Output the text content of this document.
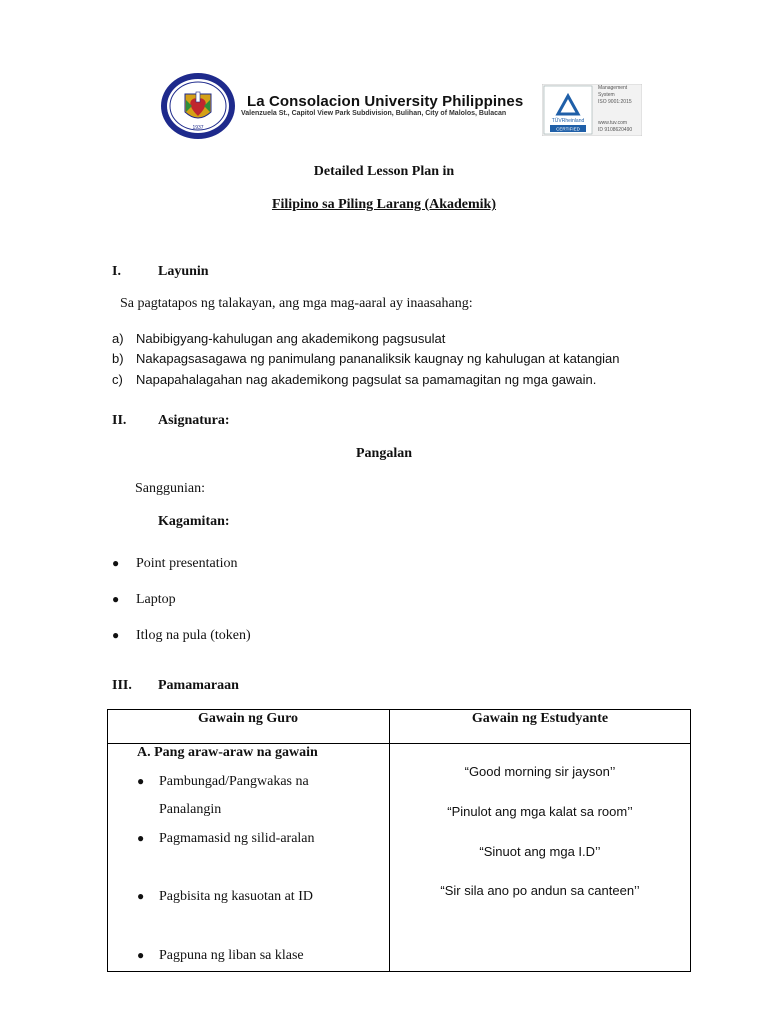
1937
La Consolacion University Philippines
Valenzuela St., Capitol View Park Subdivision, Bulihan, City of Malolos, Bulacan
TÜVRheinland
CERTIFIED
Management
System
ISO 9001:2015

www.tuv.com
ID 9108620490
Detailed Lesson Plan in
Filipino sa Piling Larang (Akademik)
I.	Layunin
Sa pagtatapos ng talakayan, ang mga mag-aaral ay inaasahang:
a) Nabibigyang-kahulugan ang akademikong pagsusulat
b) Nakapagsasagawa ng panimulang pananaliksik kaugnay ng kahulugan at katangian
c) Napapahalagahan nag akademikong pagsulat sa pamamagitan ng mga gawain.
II. Asignatura:
Pangalan
Sanggunian:
Kagamitan:
● Point presentation
● Laptop
● Itlog na pula (token)
III. Pamamaraan
Gawain ng Guro	Gawain ng Estudyante
A. Pang araw-araw na gawain
● Pambungad/Pangwakas na
Panalangin
● Pagmamasid ng silid-aralan
● Pagbisita ng kasuotan at ID
● Pagpuna ng liban sa klase
“Good morning sir jayson’’
“Pinulot ang mga kalat sa room’’
“Sinuot ang mga I.D’’
“Sir sila ano po andun sa canteen’’
